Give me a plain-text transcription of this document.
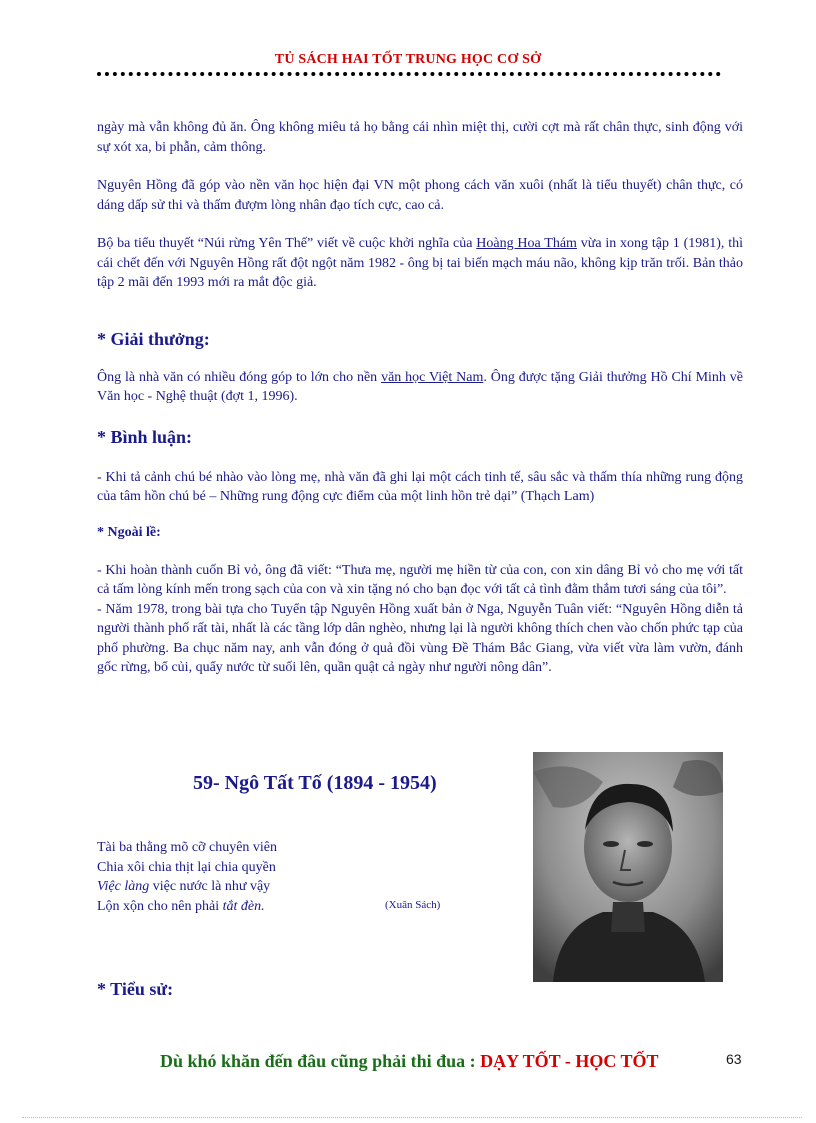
TỦ SÁCH HAI TỐT TRUNG HỌC CƠ SỞ

ngày mà vẫn không đủ ăn. Ông không miêu tả họ bằng cái nhìn miệt thị, cười cợt mà rất chân thực, sinh động với sự xót xa, bi phẫn, cảm thông.

Nguyên Hồng đã góp vào nền văn học hiện đại VN một phong cách văn xuôi (nhất là tiểu thuyết) chân thực, có dáng dấp sử thi và thấm đượm lòng nhân đạo tích cực, cao cả.

Bộ ba tiểu thuyết “Núi rừng Yên Thế” viết về cuộc khởi nghĩa của Hoàng Hoa Thám vừa in xong tập 1 (1981), thì cái chết đến với Nguyên Hồng rất đột ngột năm 1982 - ông bị tai biến mạch máu não, không kịp trăn trối. Bản thảo tập 2 mãi đến 1993 mới ra mắt độc giả.

* Giải thưởng:

Ông là nhà văn có nhiều đóng góp to lớn cho nền văn học Việt Nam. Ông được tặng Giải thưởng Hồ Chí Minh về Văn học - Nghệ thuật (đợt 1, 1996).

* Bình luận:

- Khi tả cảnh chú bé nhào vào lòng mẹ, nhà văn đã ghi lại một cách tinh tế, sâu sắc và thấm thía những rung động của tâm hồn chú bé – Những rung động cực điểm của một linh hồn trẻ dại” (Thạch Lam)

* Ngoài lề:

- Khi hoàn thành cuốn Bỉ vỏ, ông đã viết: “Thưa mẹ, người mẹ hiền từ của con, con xin dâng Bỉ vỏ cho mẹ với tất cả tấm lòng kính mến trong sạch của con và xin tặng nó cho bạn đọc với tất cả tình đằm thắm tươi sáng của tôi”.

- Năm 1978, trong bài tựa cho Tuyển tập Nguyên Hồng xuất bản ở Nga, Nguyễn Tuân viết: “Nguyên Hồng diễn tả người thành phố rất tài, nhất là các tầng lớp dân nghèo, nhưng lại là người không thích chen vào chốn phức tạp của phố phường. Ba chục năm nay, anh vẫn đóng ở quả đồi vùng Đề Thám Bắc Giang, vừa viết vừa làm vườn, đánh gốc rừng, bổ củi, quẩy nước từ suối lên, quần quật cả ngày như người nông dân”.

59- Ngô Tất Tố (1894 - 1954)
Tài ba thằng mõ cỡ chuyên viên
Chia xôi chia thịt lại chia quyền
Việc làng việc nước là như vậy
Lộn xộn cho nên phải tắt đèn.	(Xuân Sách)
* Tiểu sử:
Dù khó khăn đến đâu cũng phải thi đua : DẠY TỐT - HỌC TỐT	63
